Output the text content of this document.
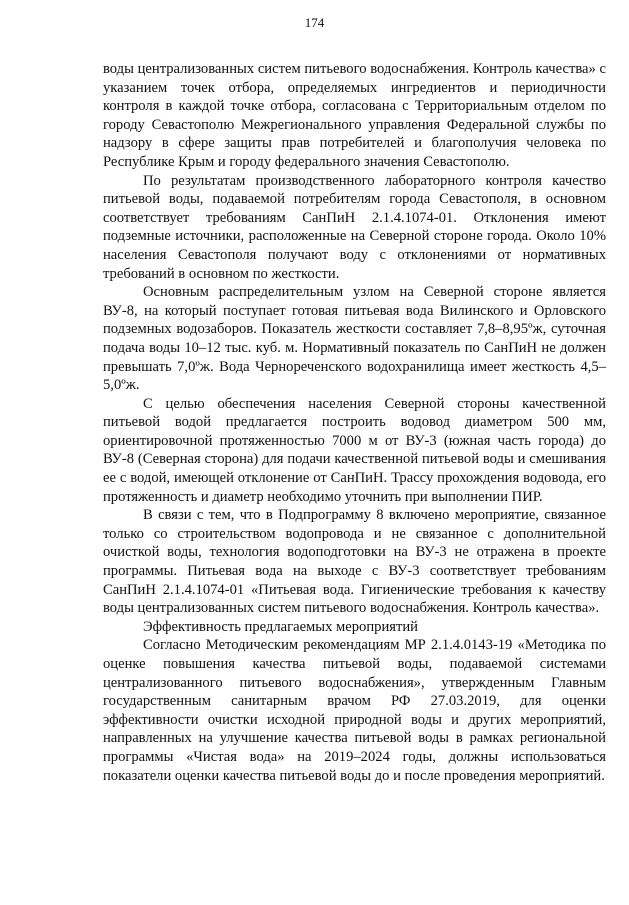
174

воды централизованных систем питьевого водоснабжения. Контроль качества» с указанием точек отбора, определяемых ингредиентов и периодичности контроля в каждой точке отбора, согласована с Территориальным отделом по городу Севастополю Межрегионального управления Федеральной службы по надзору в сфере защиты прав потребителей и благополучия человека по Республике Крым и городу федерального значения Севастополю.

По результатам производственного лабораторного контроля качество питьевой воды, подаваемой потребителям города Севастополя, в основном соответствует требованиям СанПиН 2.1.4.1074-01. Отклонения имеют подземные источники, расположенные на Северной стороне города. Около 10% населения Севастополя получают воду с отклонениями от нормативных требований в основном по жесткости.

Основным распределительным узлом на Северной стороне является ВУ-8, на который поступает готовая питьевая вода Вилинского и Орловского подземных водозаборов. Показатель жесткости составляет 7,8–8,95ºж, суточная подача воды 10–12 тыс. куб. м. Нормативный показатель по СанПиН не должен превышать 7,0ºж. Вода Чернореченского водохранилища имеет жесткость 4,5–5,0ºж.

С целью обеспечения населения Северной стороны качественной питьевой водой предлагается построить водовод диаметром 500 мм, ориентировочной протяженностью 7000 м от ВУ-3 (южная часть города) до ВУ-8 (Северная сторона) для подачи качественной питьевой воды и смешивания ее с водой, имеющей отклонение от СанПиН. Трассу прохождения водовода, его протяженность и диаметр необходимо уточнить при выполнении ПИР.

В связи с тем, что в Подпрограмму 8 включено мероприятие, связанное только со строительством водопровода и не связанное с дополнительной очисткой воды, технология водоподготовки на ВУ-3 не отражена в проекте программы. Питьевая вода на выходе с ВУ-3 соответствует требованиям СанПиН 2.1.4.1074-01 «Питьевая вода. Гигиенические требования к качеству воды централизованных систем питьевого водоснабжения. Контроль качества».

Эффективность предлагаемых мероприятий

Согласно Методическим рекомендациям МР 2.1.4.0143-19 «Методика по оценке повышения качества питьевой воды, подаваемой системами централизованного питьевого водоснабжения», утвержденным Главным государственным санитарным врачом РФ 27.03.2019, для оценки эффективности очистки исходной природной воды и других мероприятий, направленных на улучшение качества питьевой воды в рамках региональной программы «Чистая вода» на 2019–2024 годы, должны использоваться показатели оценки качества питьевой воды до и после проведения мероприятий.
